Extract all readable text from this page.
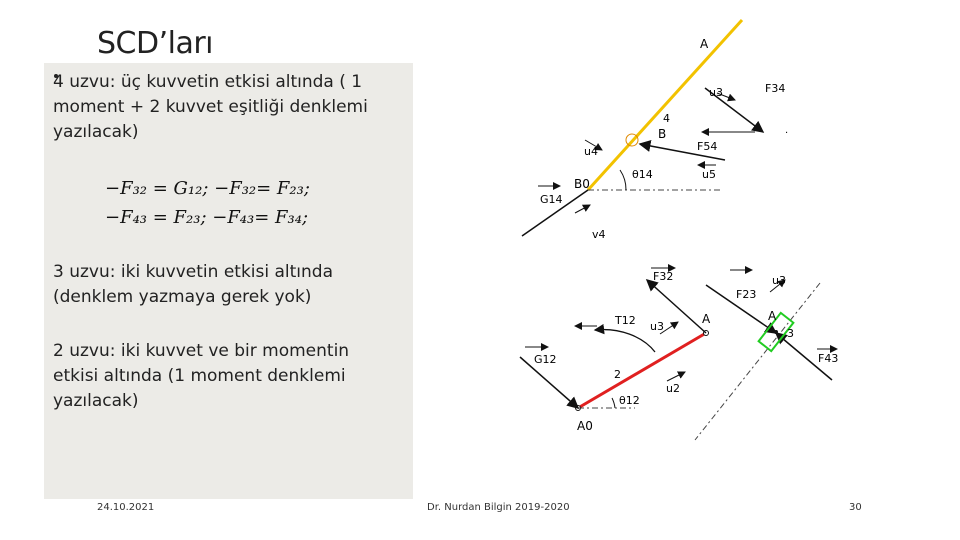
SCD’ları
4 uzvu: üç kuvvetin etkisi altında ( 1 moment + 2 kuvvet eşitliği denklemi yazılacak)
−F₃₂ = G₁₂; −F₃₂= F₂₃;
−F₄₃ = F₂₃; −F₄₃= F₃₄;
3 uzvu: iki kuvvetin etkisi altında (denklem yazmaya gerek yok)
2 uzvu: iki kuvvet ve bir momentin etkisi altında (1 moment denklemi yazılacak)
24.10.2021	Dr. Nurdan Bilgin 2019-2020	30
A
F34
u3
4
B
F54
u4
θ14	u5
B0
G14
v4
.
F32
T12 u3
A
G12
2
u2
θ12
A0
F23
u3
A
3
F43
